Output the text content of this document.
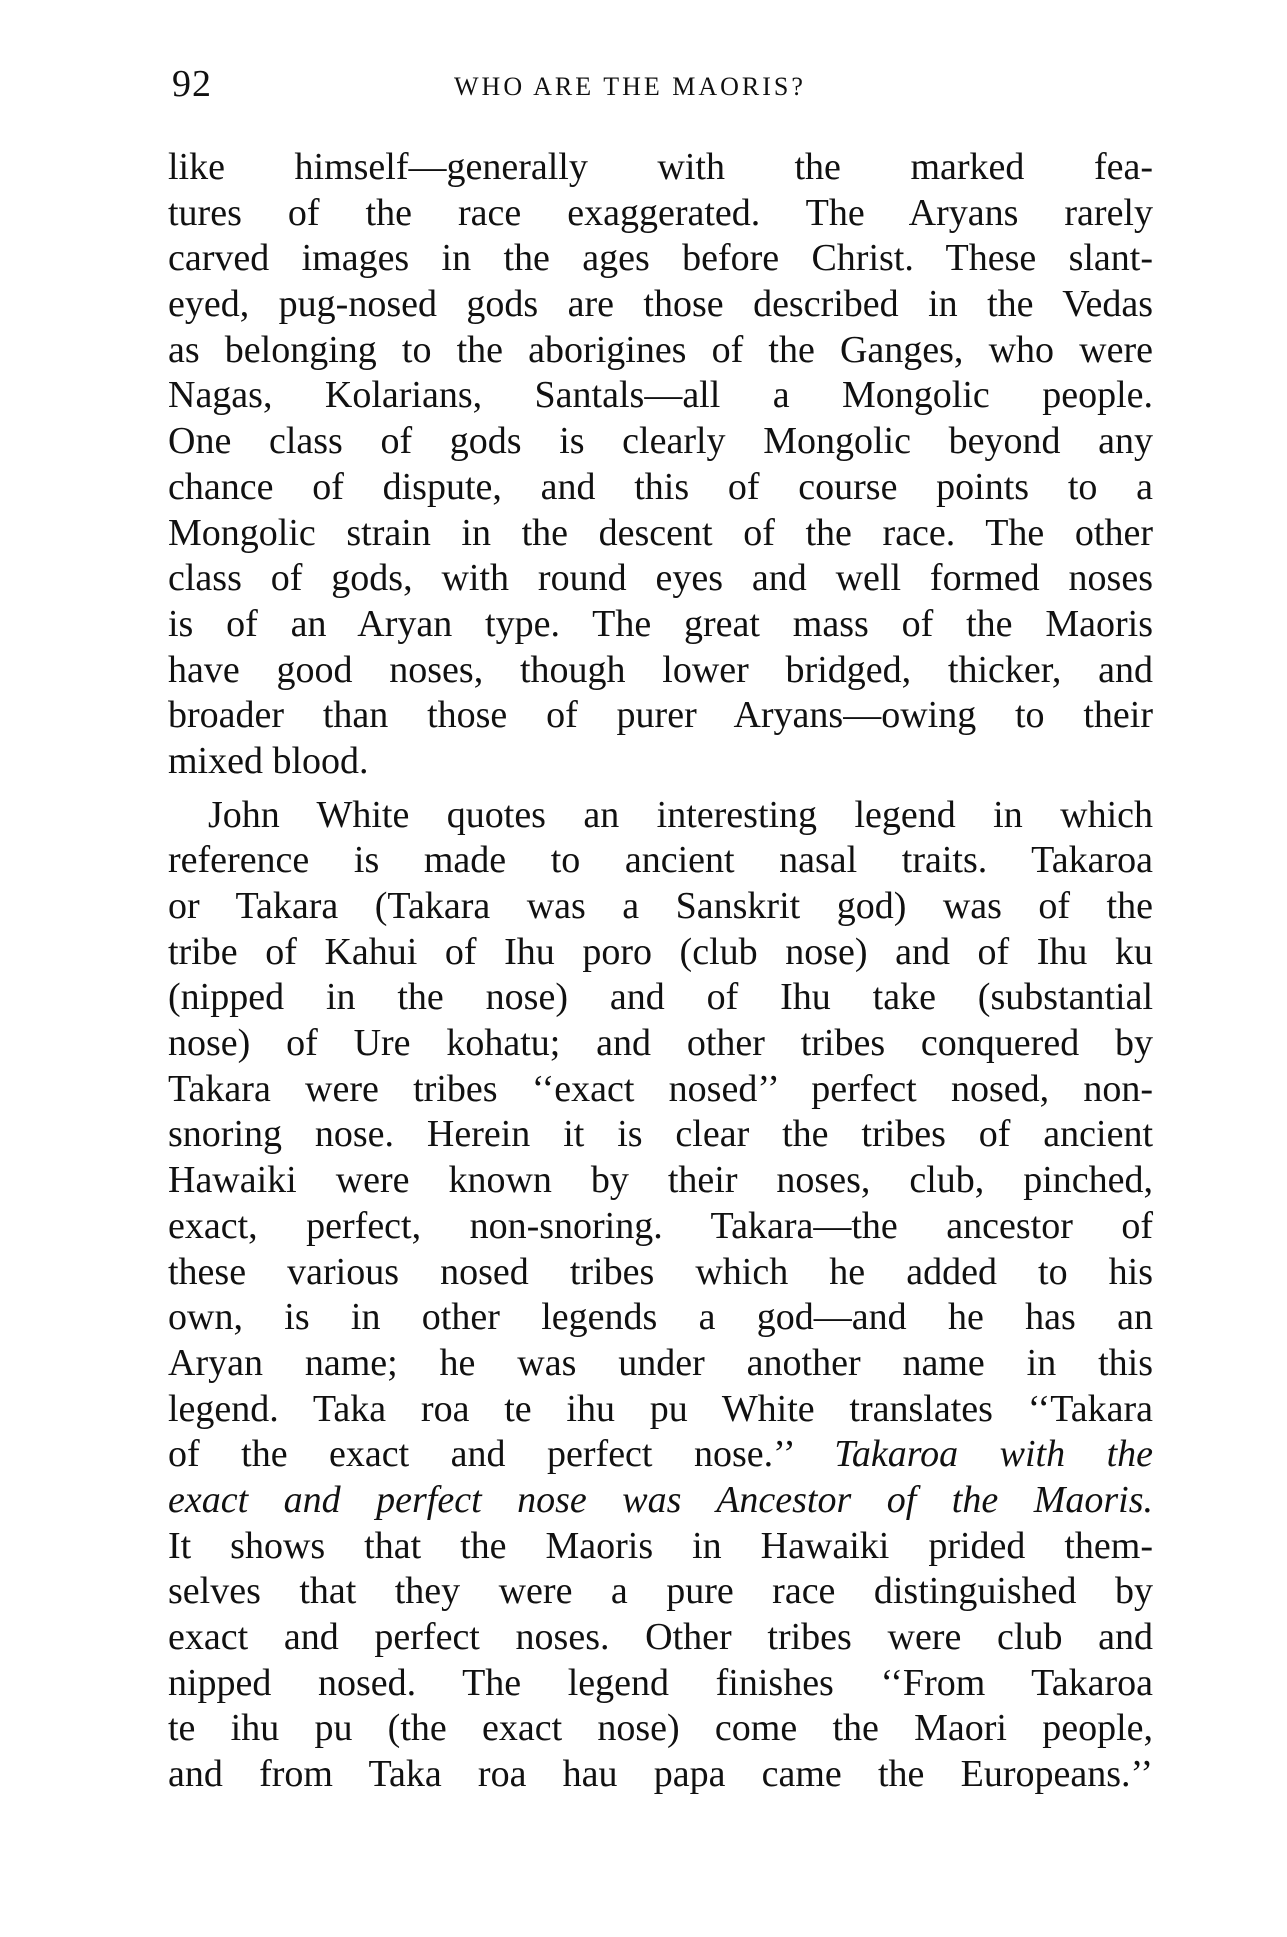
92	WHO ARE THE MAORIS?
like himself—generally with the marked fea-
tures of the race exaggerated. The Aryans rarely
carved images in the ages before Christ. These slant-
eyed, pug-nosed gods are those described in the Vedas
as belonging to the aborigines of the Ganges, who were
Nagas, Kolarians, Santals—all a Mongolic people.
One class of gods is clearly Mongolic beyond any
chance of dispute, and this of course points to a
Mongolic strain in the descent of the race. The other
class of gods, with round eyes and well formed noses
is of an Aryan type. The great mass of the Maoris
have good noses, though lower bridged, thicker, and
broader than those of purer Aryans—owing to their
mixed blood.
John White quotes an interesting legend in which
reference is made to ancient nasal traits. Takaroa
or Takara (Takara was a Sanskrit god) was of the
tribe of Kahui of Ihu poro (club nose) and of Ihu ku
(nipped in the nose) and of Ihu take (substantial
nose) of Ure kohatu; and other tribes conquered by
Takara were tribes ‘‘exact nosed’’ perfect nosed, non-
snoring nose. Herein it is clear the tribes of ancient
Hawaiki were known by their noses, club, pinched,
exact, perfect, non-snoring. Takara—the ancestor of
these various nosed tribes which he added to his
own, is in other legends a god—and he has an
Aryan name; he was under another name in this
legend. Taka roa te ihu pu White translates ‘‘Takara
of the exact and perfect nose.’’ Takaroa with the
exact and perfect nose was Ancestor of the Maoris.
It shows that the Maoris in Hawaiki prided them-
selves that they were a pure race distinguished by
exact and perfect noses. Other tribes were club and
nipped nosed. The legend finishes ‘‘From Takaroa
te ihu pu (the exact nose) come the Maori people,
and from Taka roa hau papa came the Europeans.’’
